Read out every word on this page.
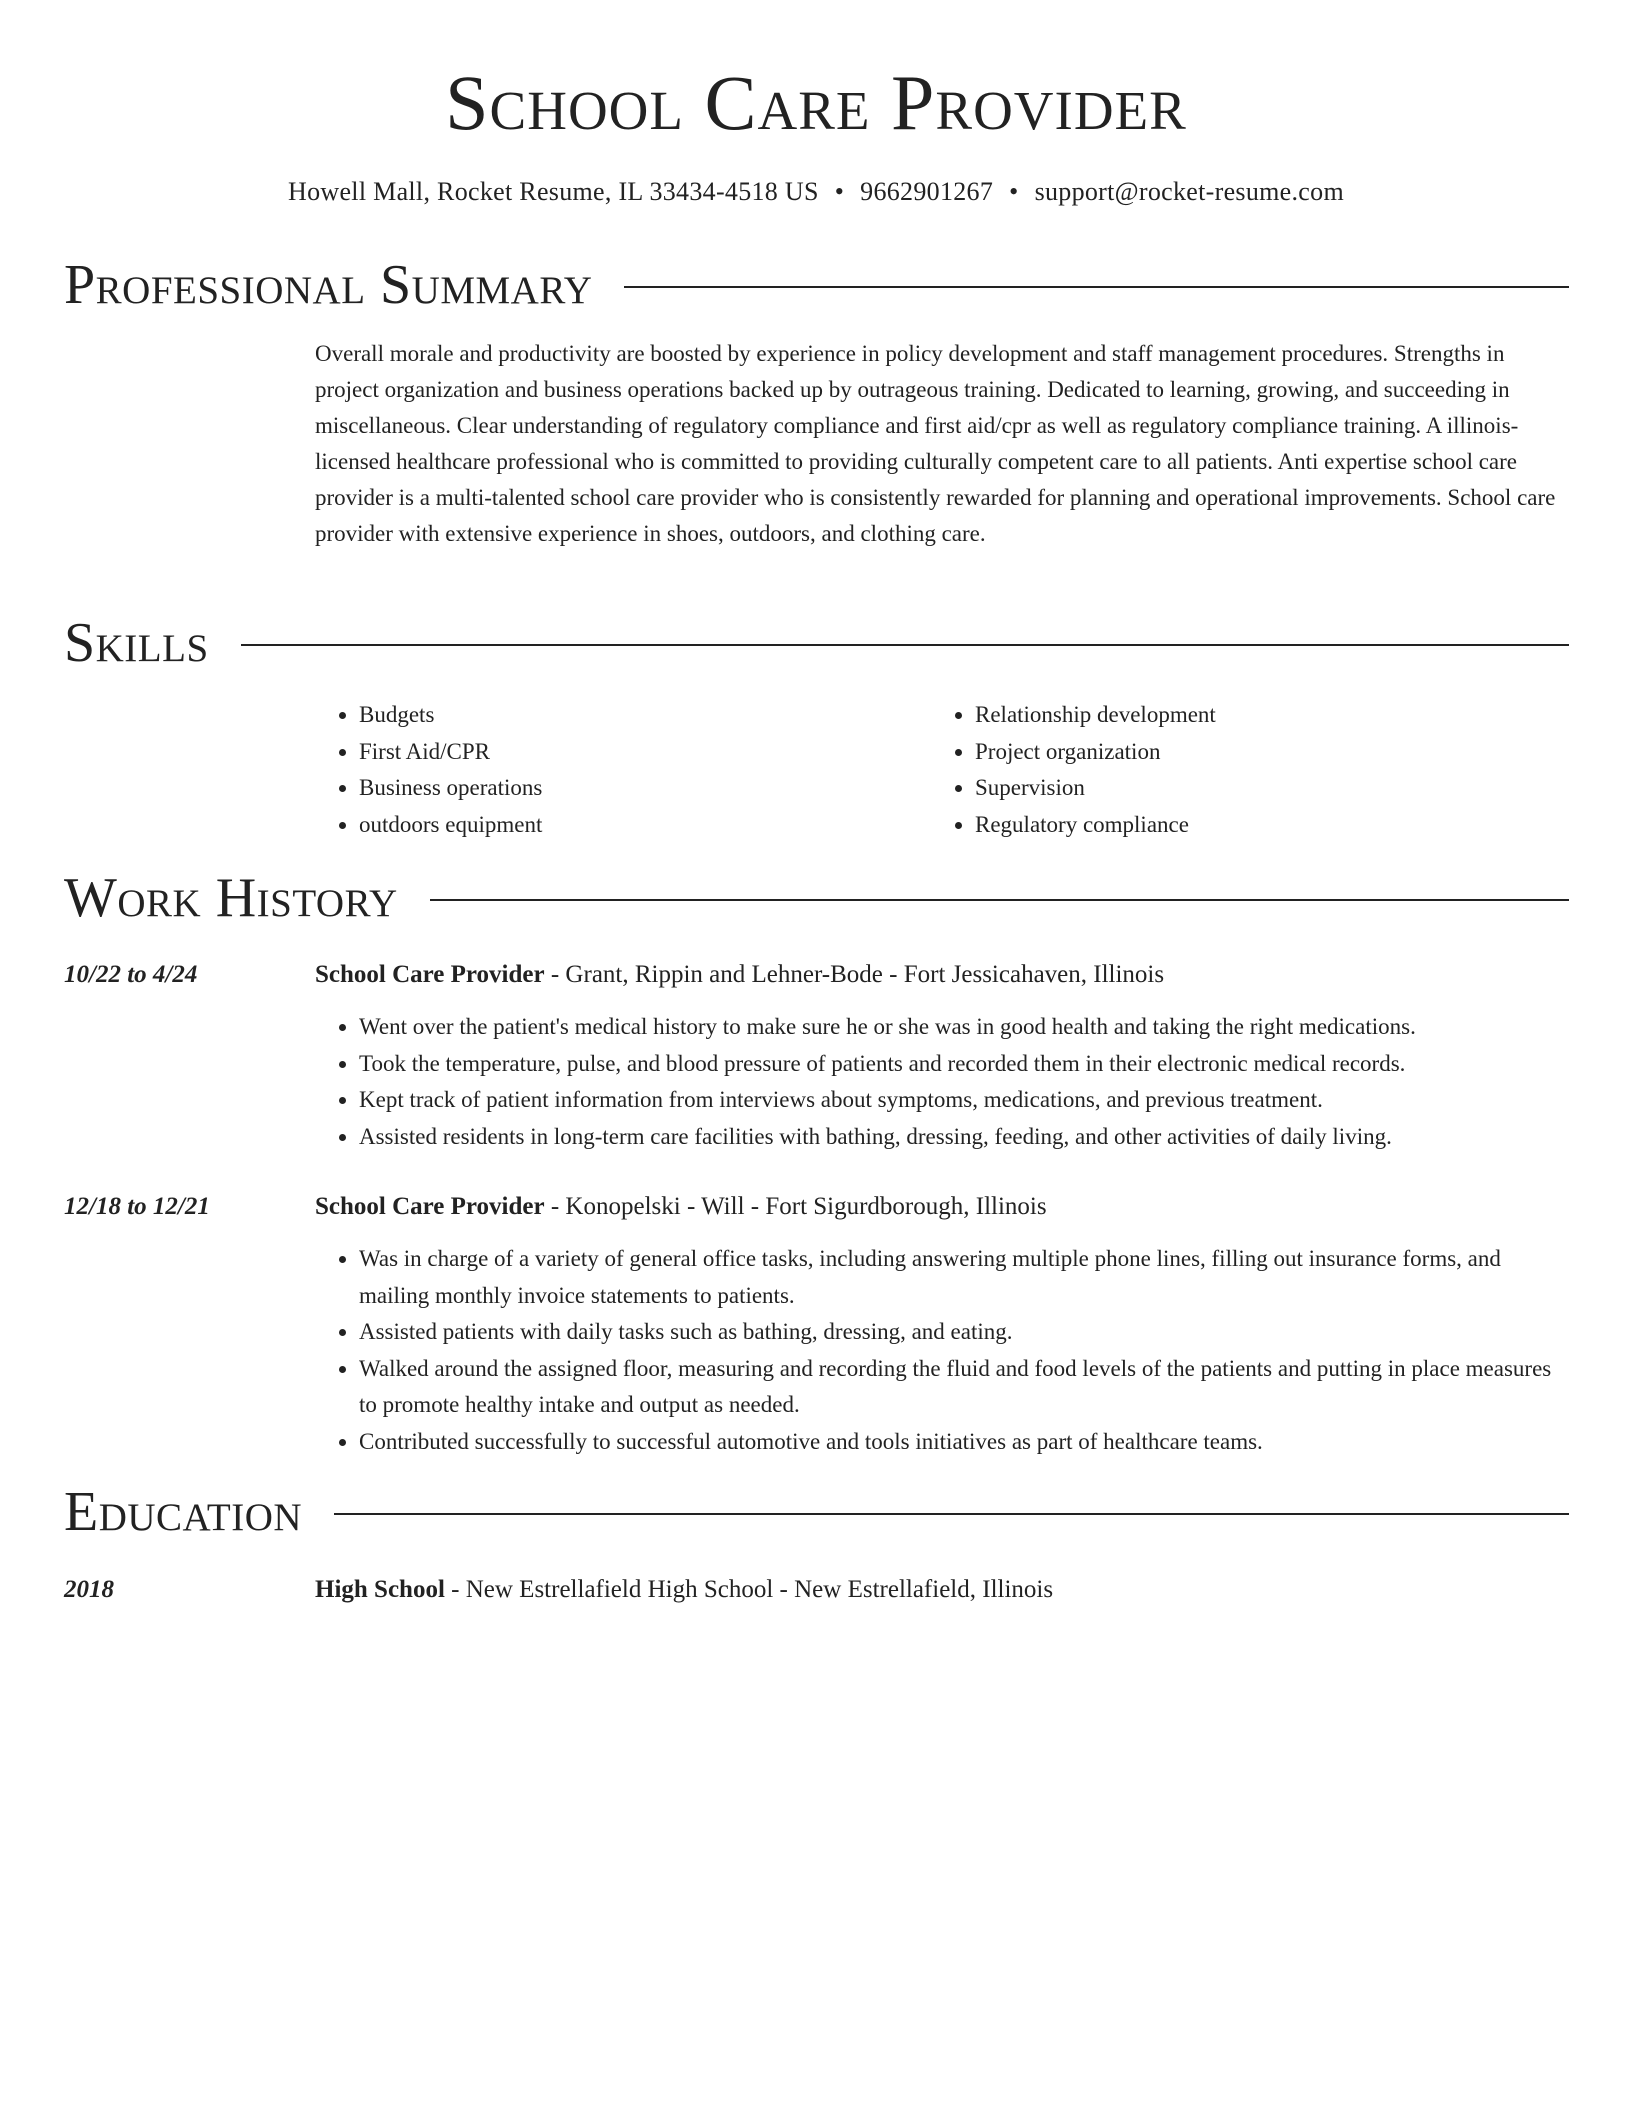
School Care Provider
Howell Mall, Rocket Resume, IL 33434-4518 US • 9662901267 • support@rocket-resume.com
Professional Summary

Overall morale and productivity are boosted by experience in policy development and staff management procedures. Strengths in project organization and business operations backed up by outrageous training. Dedicated to learning, growing, and succeeding in miscellaneous. Clear understanding of regulatory compliance and first aid/cpr as well as regulatory compliance training. A illinois-licensed healthcare professional who is committed to providing culturally competent care to all patients. Anti expertise school care provider is a multi-talented school care provider who is consistently rewarded for planning and operational improvements. School care provider with extensive experience in shoes, outdoors, and clothing care.

Skills
• Budgets
• First Aid/CPR
• Business operations
• outdoors equipment
• Relationship development
• Project organization
• Supervision
• Regulatory compliance
Work History
10/22 to 4/24	School Care Provider - Grant, Rippin and Lehner-Bode - Fort Jessicahaven, Illinois
• Went over the patient's medical history to make sure he or she was in good health and taking the right medications.
• Took the temperature, pulse, and blood pressure of patients and recorded them in their electronic medical records.
• Kept track of patient information from interviews about symptoms, medications, and previous treatment.
• Assisted residents in long-term care facilities with bathing, dressing, feeding, and other activities of daily living.
12/18 to 12/21	School Care Provider - Konopelski - Will - Fort Sigurdborough, Illinois
• Was in charge of a variety of general office tasks, including answering multiple phone lines, filling out insurance forms, and mailing monthly invoice statements to patients.
• Assisted patients with daily tasks such as bathing, dressing, and eating.
• Walked around the assigned floor, measuring and recording the fluid and food levels of the patients and putting in place measures to promote healthy intake and output as needed.
• Contributed successfully to successful automotive and tools initiatives as part of healthcare teams.
Education
2018	High School - New Estrellafield High School - New Estrellafield, Illinois
